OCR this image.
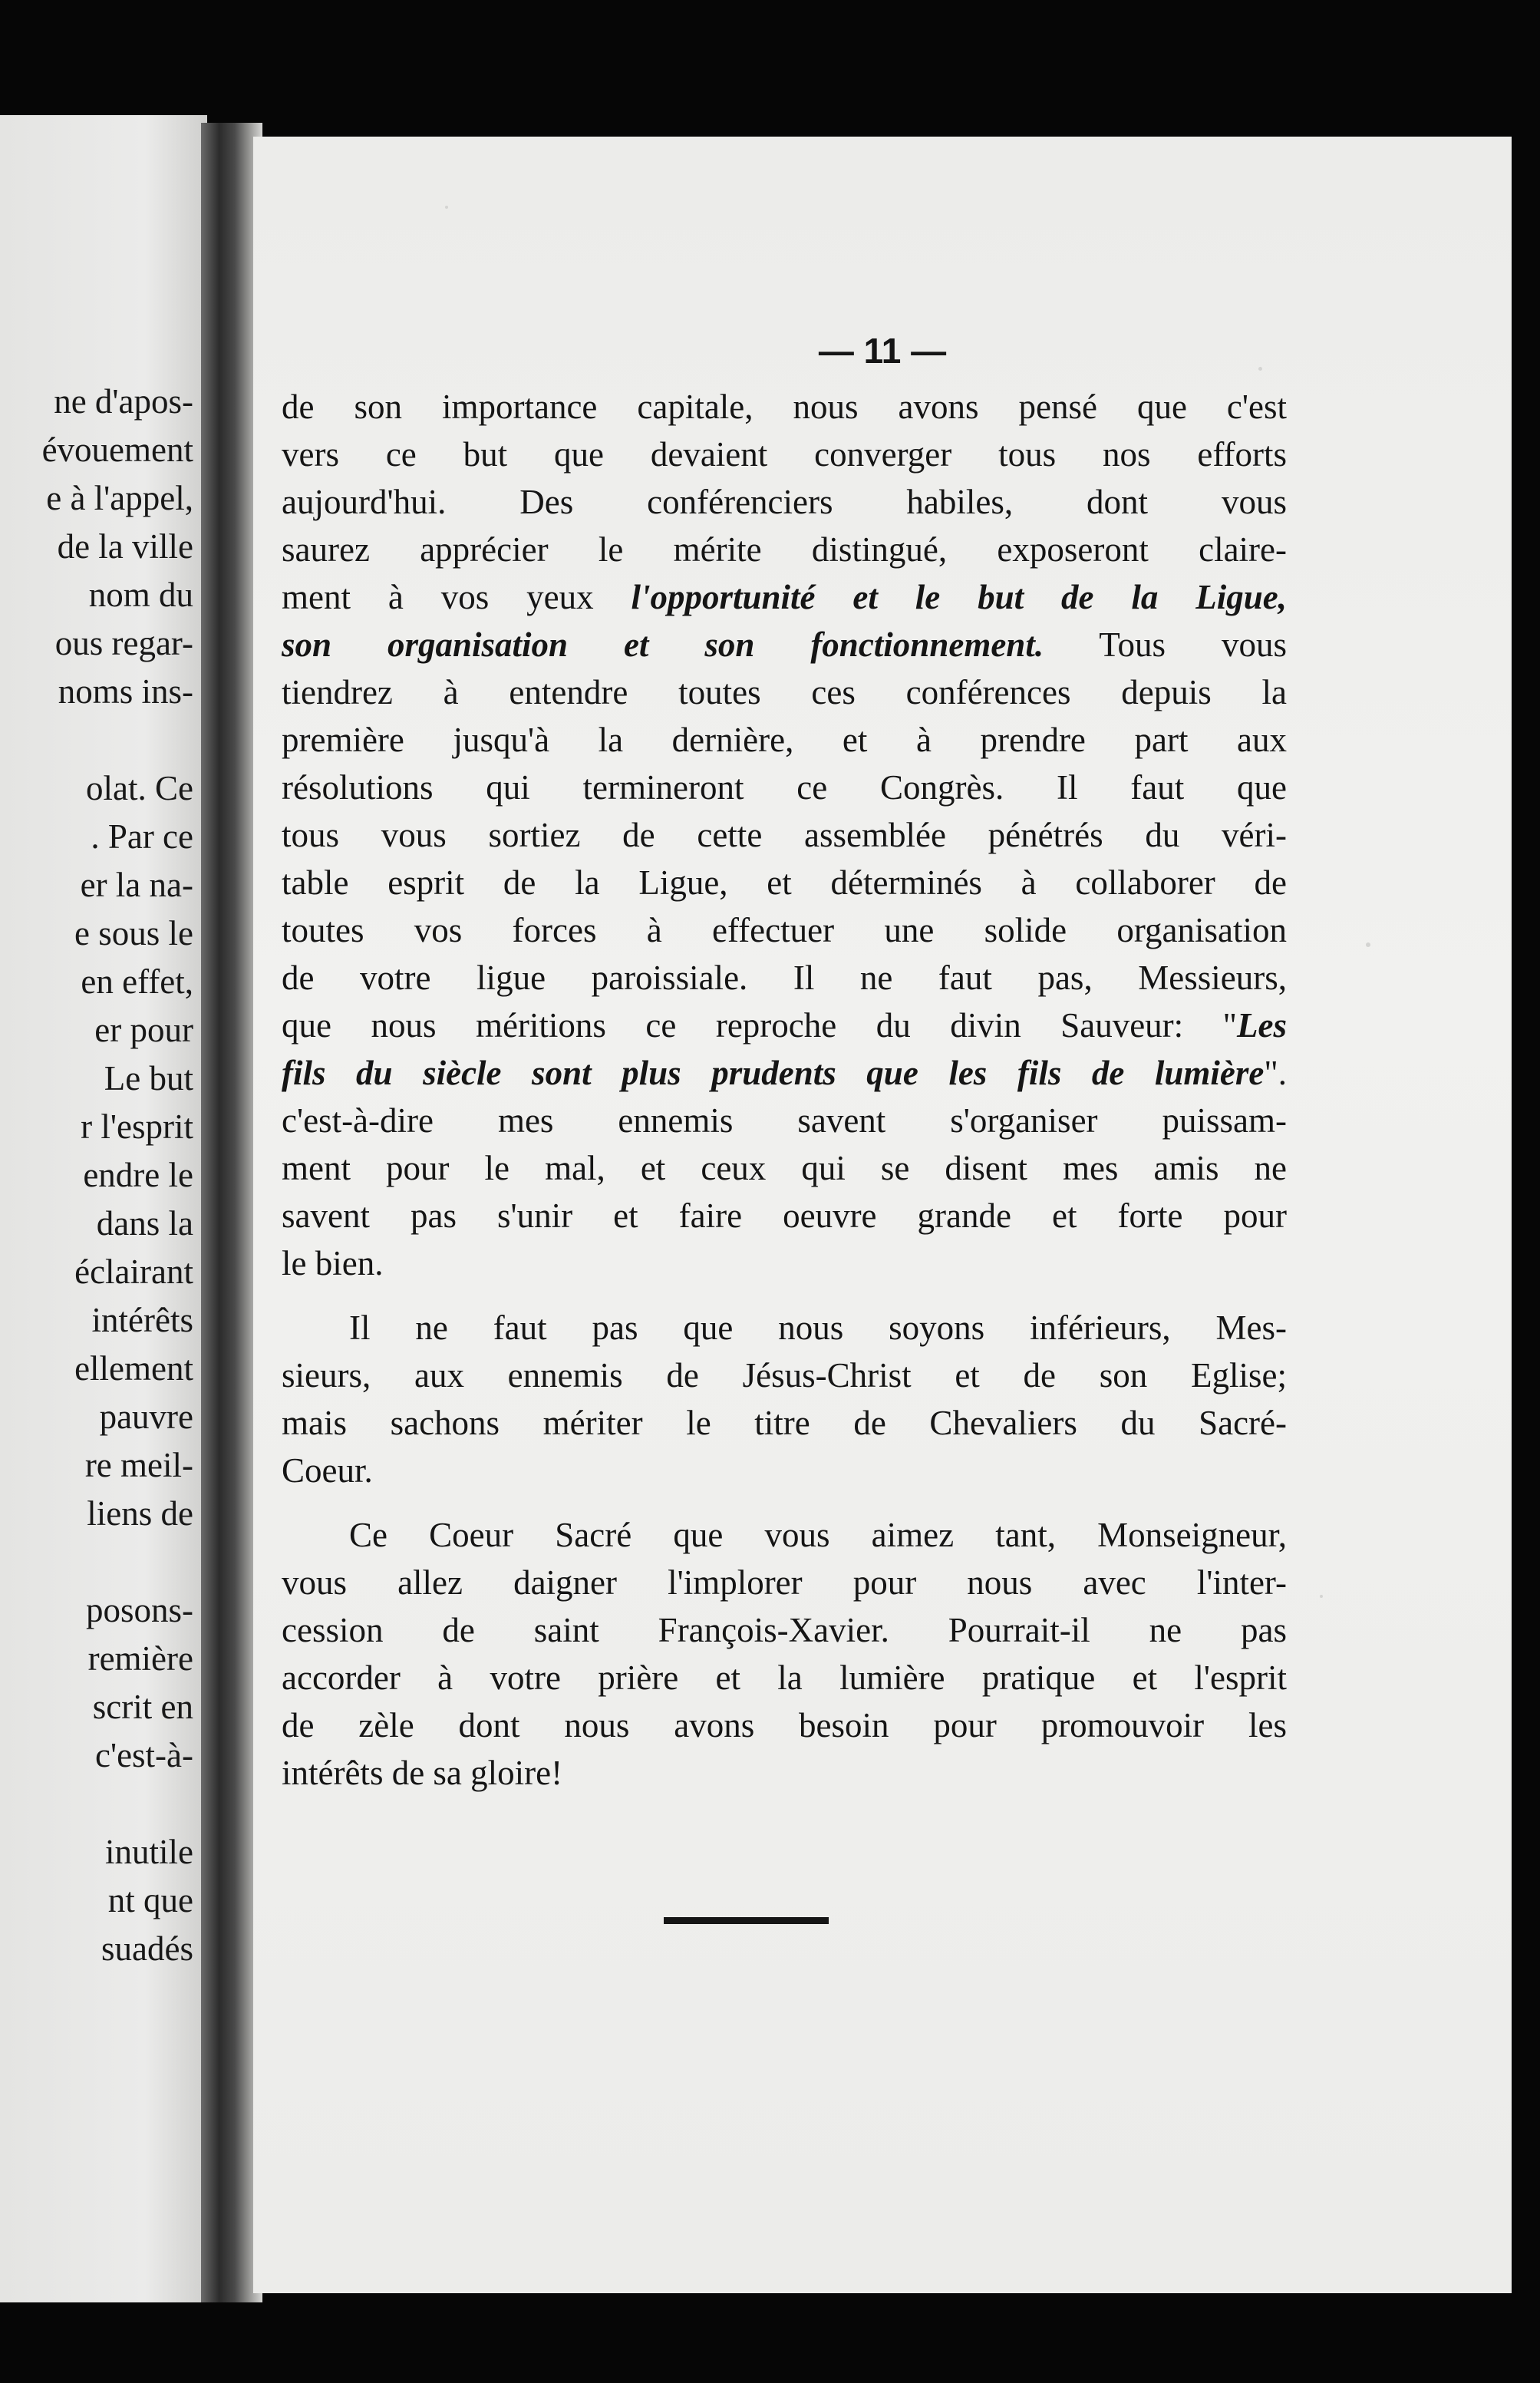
ne d'apos-
évouement
e à l'appel,
de la ville
nom du
ous regar-
noms ins-
olat. Ce
. Par ce
er la na-
e sous le
en effet,
er pour
Le but
r l'esprit
endre le
dans la
éclairant
intérêts
ellement
pauvre
re meil-
liens de
posons-
remière
scrit en
c'est-à-
inutile
nt que
suadés
— 11 —
de son importance capitale, nous avons pensé que c'est
vers ce but que devaient converger tous nos efforts
aujourd'hui. Des conférenciers habiles, dont vous
saurez apprécier le mérite distingué, exposeront claire-
ment à vos yeux l'opportunité et le but de la Ligue,
son organisation et son fonctionnement. Tous vous
tiendrez à entendre toutes ces conférences depuis la
première jusqu'à la dernière, et à prendre part aux
résolutions qui termineront ce Congrès. Il faut que
tous vous sortiez de cette assemblée pénétrés du véri-
table esprit de la Ligue, et déterminés à collaborer de
toutes vos forces à effectuer une solide organisation
de votre ligue paroissiale. Il ne faut pas, Messieurs,
que nous méritions ce reproche du divin Sauveur: "Les
fils du siècle sont plus prudents que les fils de lumière".
c'est-à-dire mes ennemis savent s'organiser puissam-
ment pour le mal, et ceux qui se disent mes amis ne
savent pas s'unir et faire oeuvre grande et forte pour
le bien.
Il ne faut pas que nous soyons inférieurs, Mes-
sieurs, aux ennemis de Jésus-Christ et de son Eglise;
mais sachons mériter le titre de Chevaliers du Sacré-
Coeur.
Ce Coeur Sacré que vous aimez tant, Monseigneur,
vous allez daigner l'implorer pour nous avec l'inter-
cession de saint François-Xavier. Pourrait-il ne pas
accorder à votre prière et la lumière pratique et l'esprit
de zèle dont nous avons besoin pour promouvoir les
intérêts de sa gloire!
